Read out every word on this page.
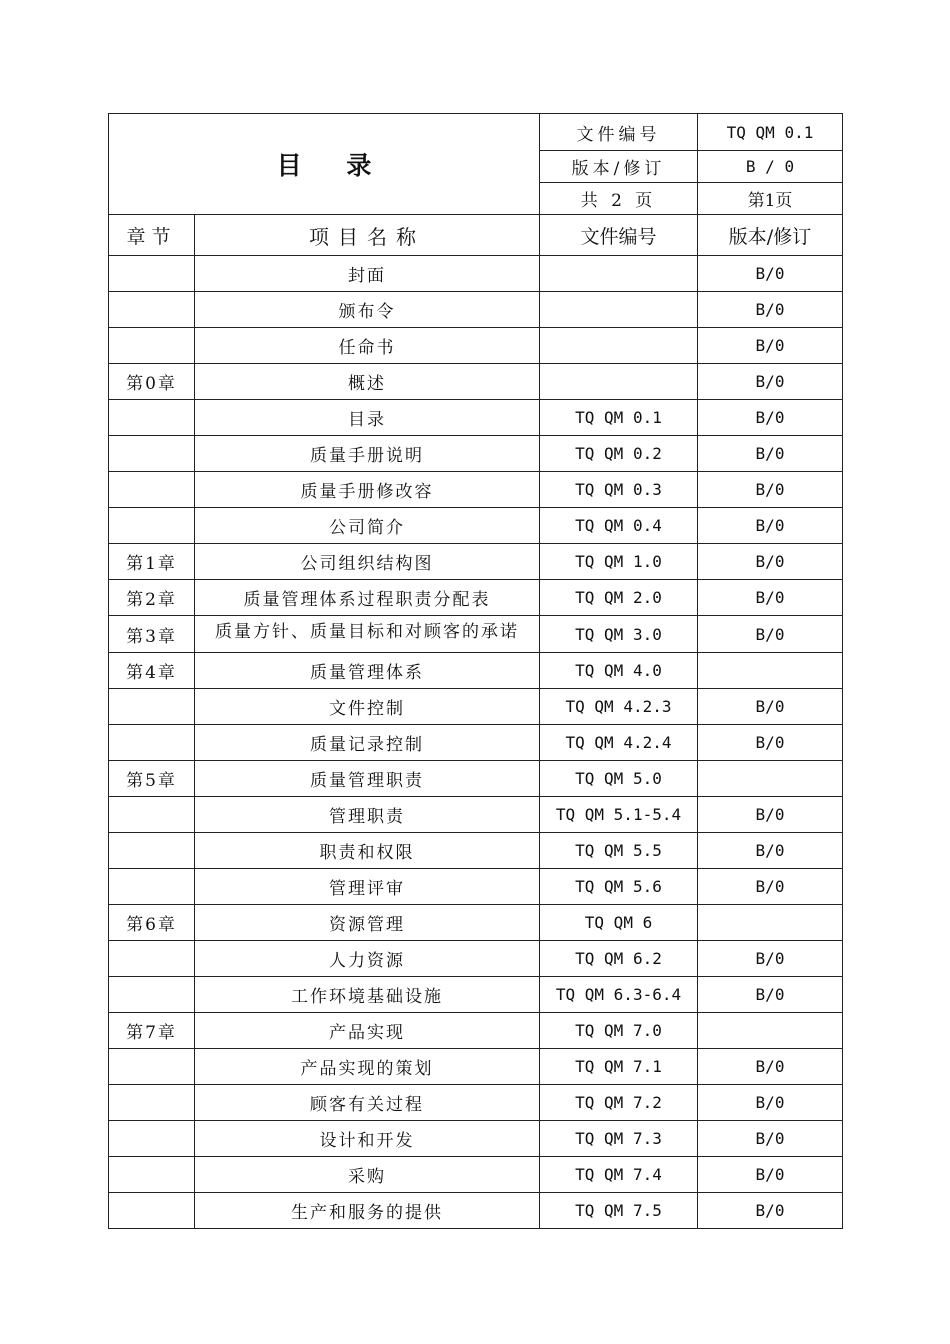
目 录	文件编号	TQ QM 0.1
	版本/修订	B / 0
	共 2 页	第1页
章节	项目名称	文件编号	版本/修订
	封面		B/0
	颁布令		B/0
	任命书		B/0
第0章	概述		B/0
	目录	TQ QM 0.1	B/0
	质量手册说明	TQ QM 0.2	B/0
	质量手册修改容	TQ QM 0.3	B/0
	公司简介	TQ QM 0.4	B/0
第1章	公司组织结构图	TQ QM 1.0	B/0
第2章	质量管理体系过程职责分配表	TQ QM 2.0	B/0
第3章	质量方针、质量目标和对顾客的承诺	TQ QM 3.0	B/0
第4章	质量管理体系	TQ QM 4.0	
	文件控制	TQ QM 4.2.3	B/0
	质量记录控制	TQ QM 4.2.4	B/0
第5章	质量管理职责	TQ QM 5.0	
	管理职责	TQ QM 5.1-5.4	B/0
	职责和权限	TQ QM 5.5	B/0
	管理评审	TQ QM 5.6	B/0
第6章	资源管理	TQ QM 6	
	人力资源	TQ QM 6.2	B/0
	工作环境基础设施	TQ QM 6.3-6.4	B/0
第7章	产品实现	TQ QM 7.0	
	产品实现的策划	TQ QM 7.1	B/0
	顾客有关过程	TQ QM 7.2	B/0
	设计和开发	TQ QM 7.3	B/0
	采购	TQ QM 7.4	B/0
	生产和服务的提供	TQ QM 7.5	B/0
